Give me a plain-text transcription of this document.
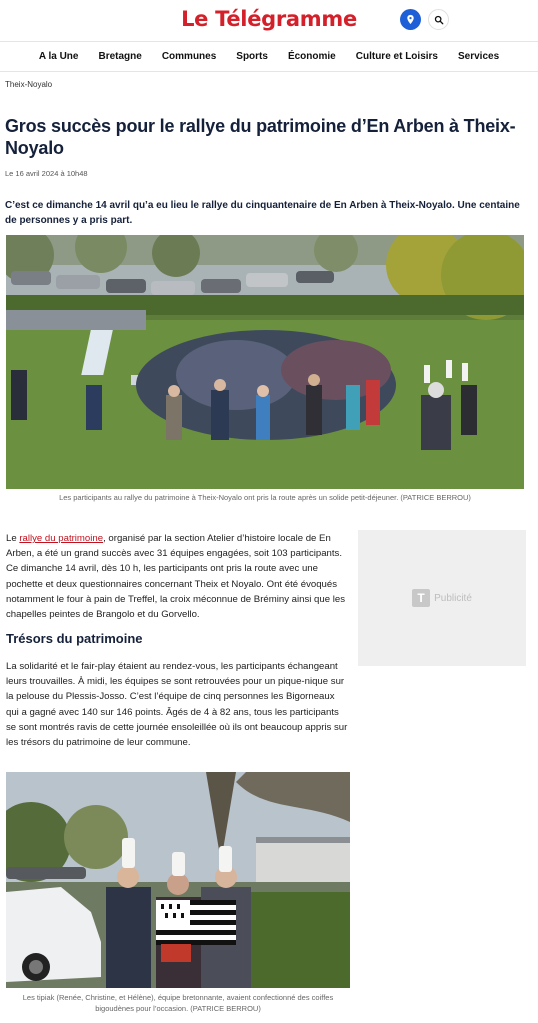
Le Télégramme
A la Une	Bretagne	Communes	Sports	Économie	Culture et Loisirs	Services
Theix-Noyalo
Gros succès pour le rallye du patrimoine d’En Arben à Theix-Noyalo
Le 16 avril 2024 à 10h48

C’est ce dimanche 14 avril qu’a eu lieu le rallye du cinquantenaire de En Arben à Theix-Noyalo. Une centaine de personnes y a pris part.

Les participants au rallye du patrimoine à Theix-Noyalo ont pris la route après un solide petit-déjeuner. (PATRICE BERROU)

Le rallye du patrimoine, organisé par la section Atelier d’histoire locale de En Arben, a été un grand succès avec 31 équipes engagées, soit 103 participants. Ce dimanche 14 avril, dès 10 h, les participants ont pris la route avec une pochette et deux questionnaires concernant Theix et Noyalo. Ont été évoqués notamment le four à pain de Treffel, la croix méconnue de Bréminy ainsi que les chapelles peintes de Brangolo et du Gorvello.

T Publicité
Trésors du patrimoine

La solidarité et le fair-play étaient au rendez-vous, les participants échangeant leurs trouvailles. À midi, les équipes se sont retrouvées pour un pique-nique sur la pelouse du Plessis-Josso. C’est l’équipe de cinq personnes les Bigorneaux qui a gagné avec 140 sur 146 points. Âgés de 4 à 82 ans, tous les participants se sont montrés ravis de cette journée ensoleillée où ils ont beaucoup appris sur les trésors du patrimoine de leur commune.

Les tipiak (Renée, Christine, et Hélène), équipe bretonnante, avaient confectionné des coiffes bigoudènes pour l’occasion. (PATRICE BERROU)
